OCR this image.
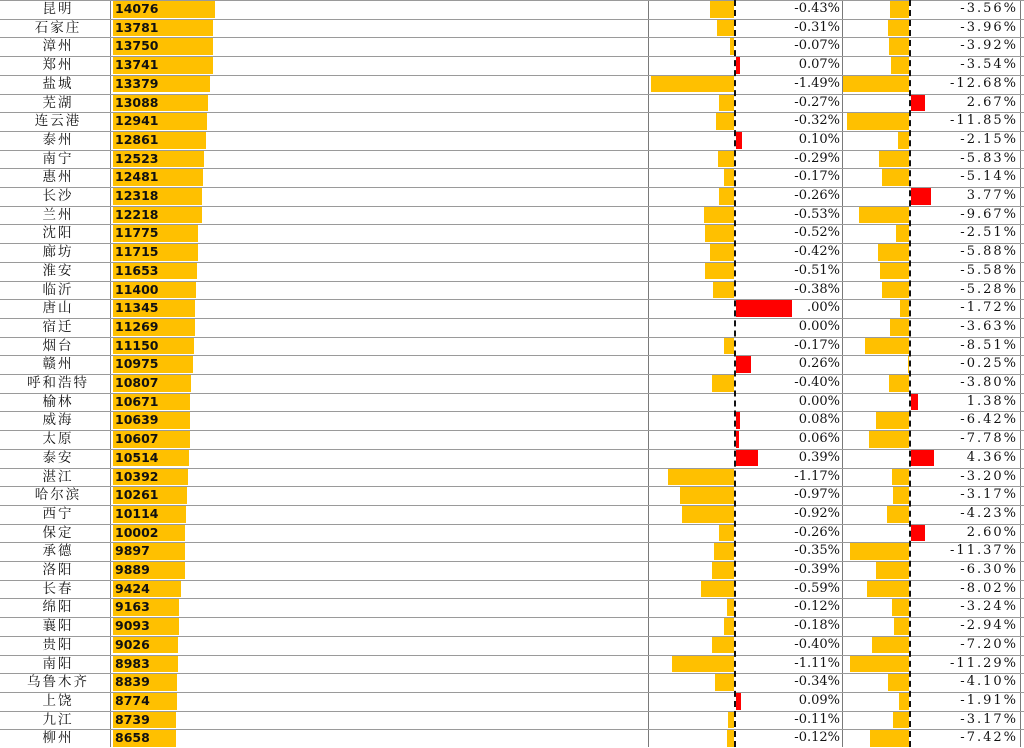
昆明	14076	-0.43%	-3.56%
石家庄	13781	-0.31%	-3.96%
漳州	13750	-0.07%	-3.92%
郑州	13741	0.07%	-3.54%
盐城	13379	-1.49%	-12.68%
芜湖	13088	-0.27%	2.67%
连云港	12941	-0.32%	-11.85%
泰州	12861	0.10%	-2.15%
南宁	12523	-0.29%	-5.83%
惠州	12481	-0.17%	-5.14%
长沙	12318	-0.26%	3.77%
兰州	12218	-0.53%	-9.67%
沈阳	11775	-0.52%	-2.51%
廊坊	11715	-0.42%	-5.88%
淮安	11653	-0.51%	-5.58%
临沂	11400	-0.38%	-5.28%
唐山	11345	.00%	-1.72%
宿迁	11269	0.00%	-3.63%
烟台	11150	-0.17%	-8.51%
赣州	10975	0.26%	-0.25%
呼和浩特	10807	-0.40%	-3.80%
榆林	10671	0.00%	1.38%
威海	10639	0.08%	-6.42%
太原	10607	0.06%	-7.78%
泰安	10514	0.39%	4.36%
湛江	10392	-1.17%	-3.20%
哈尔滨	10261	-0.97%	-3.17%
西宁	10114	-0.92%	-4.23%
保定	10002	-0.26%	2.60%
承德	9897	-0.35%	-11.37%
洛阳	9889	-0.39%	-6.30%
长春	9424	-0.59%	-8.02%
绵阳	9163	-0.12%	-3.24%
襄阳	9093	-0.18%	-2.94%
贵阳	9026	-0.40%	-7.20%
南阳	8983	-1.11%	-11.29%
乌鲁木齐	8839	-0.34%	-4.10%
上饶	8774	0.09%	-1.91%
九江	8739	-0.11%	-3.17%
柳州	8658	-0.12%	-7.42%
